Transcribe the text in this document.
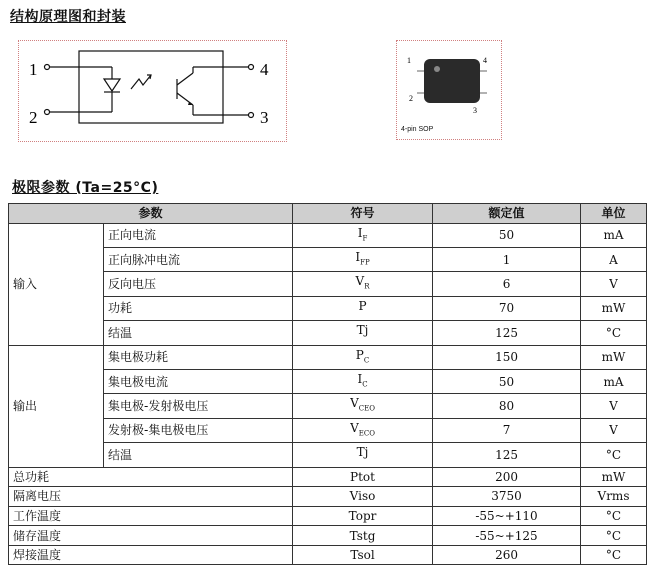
结构原理图和封装
1
2	3
4	1
2
3
4
4-pin SOP
极限参数 (Ta=25°C)
参数		符号	额定值	单位
输入	正向电流	$I_F$	50	mA
	正向脉冲电流	$I_{FP}$	1	A
	反向电压	$V_R$	6	V
	功耗	P	70	mW
	结温	Tj	125	°C
输出	集电极功耗	$P_C$	150	mW
	集电极电流	$I_C$	50	mA
	集电极-发射极电压	$V_{CEO}$	80	V
	发射极-集电极电压	$V_{ECO}$	7	V
	结温	Tj	125	°C
总功耗		Ptot	200	mW
隔离电压		Viso	3750	Vrms
工作温度		Topr	-55~+110	°C
储存温度		Tstg	-55~+125	°C
焊接温度		Tsol	260	°C
